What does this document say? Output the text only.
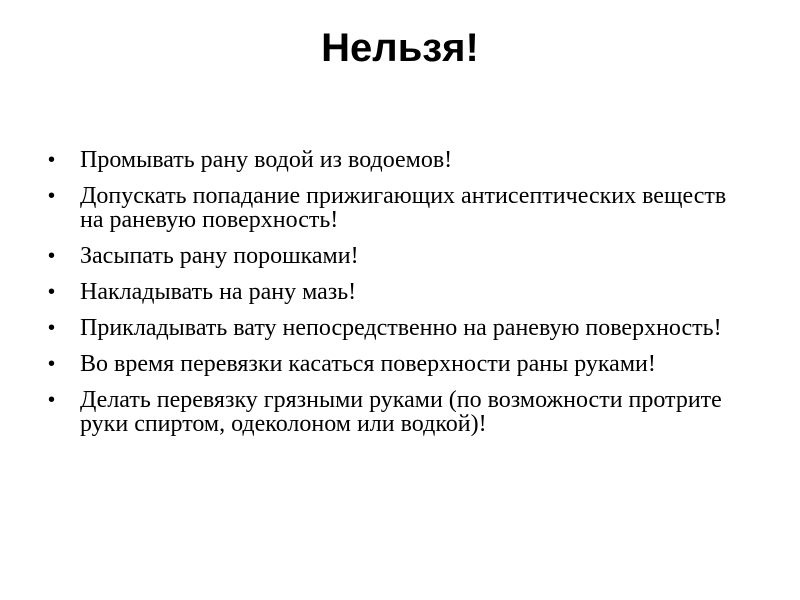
Нельзя!
• Промывать рану водой из водоемов!
• Допускать попадание прижигающих антисептических веществ на раневую поверхность!
• Засыпать рану порошками!
• Накладывать на рану мазь!
• Прикладывать вату непосредственно на раневую поверхность!
• Во время перевязки касаться поверхности раны руками!
• Делать перевязку грязными руками (по возможности протрите руки спиртом, одеколоном или водкой)!
